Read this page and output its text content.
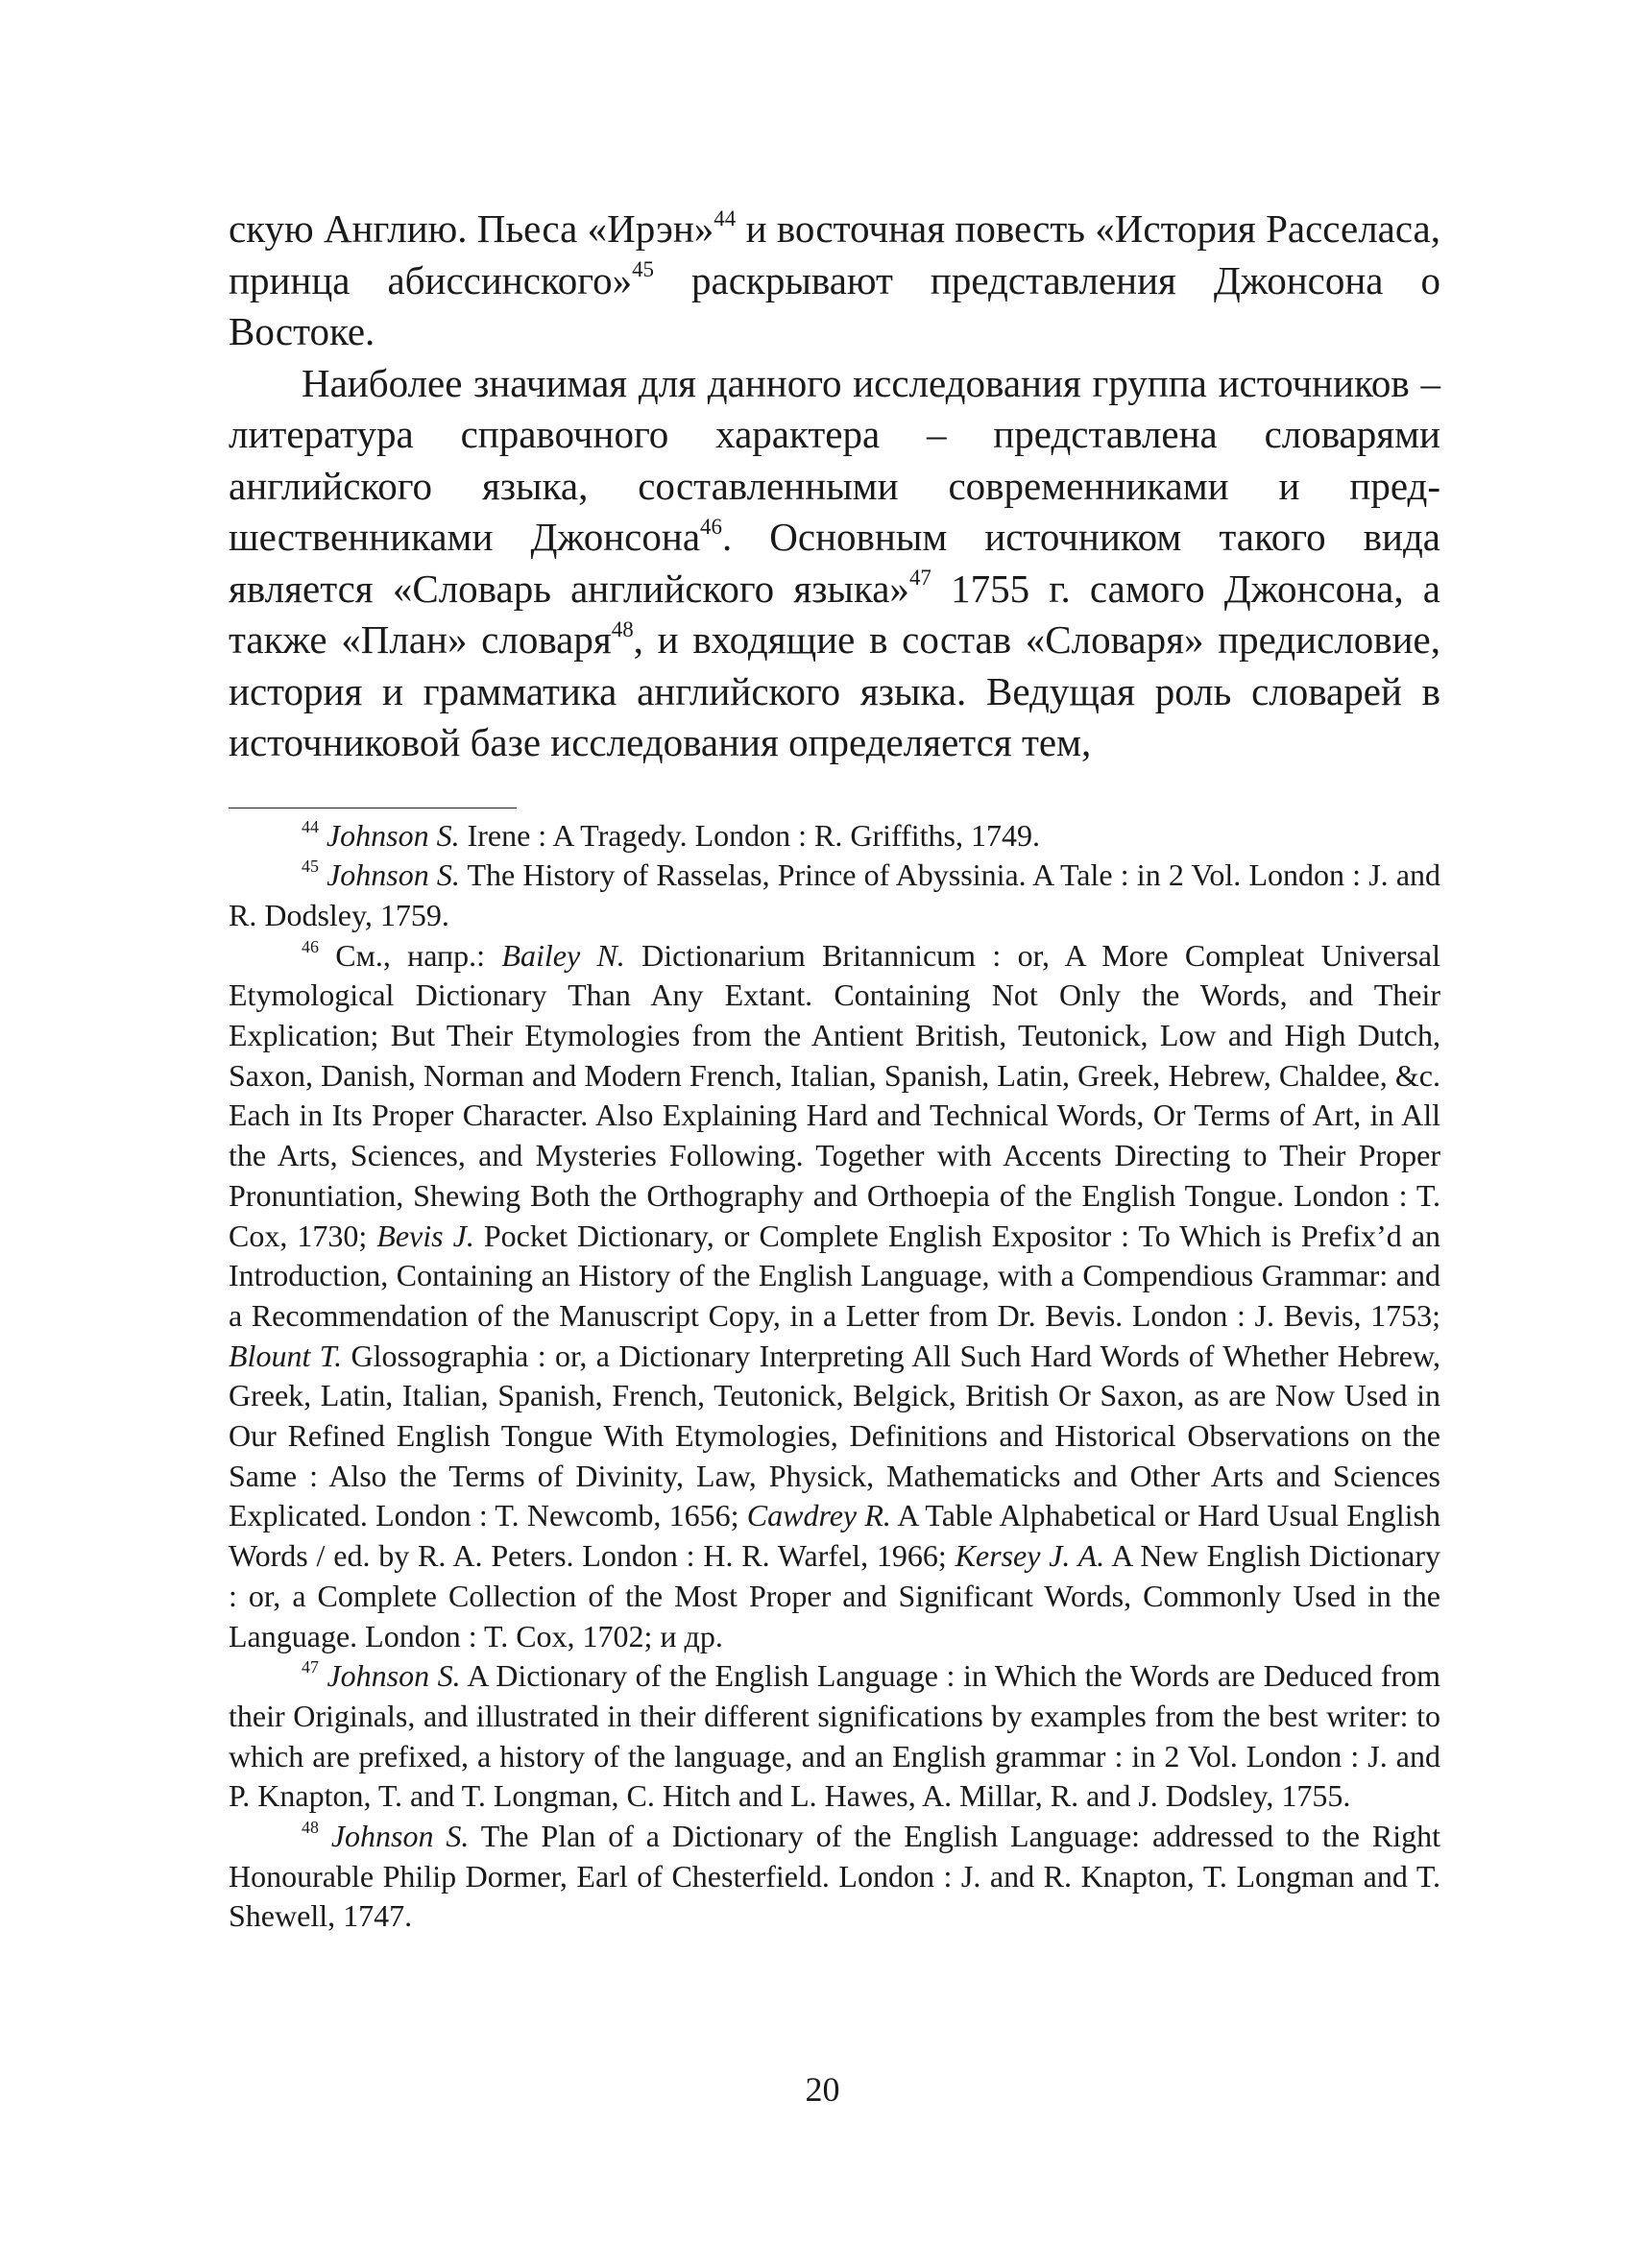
скую Англию. Пьеса «Ирэн»$^{44}$ и восточная повесть «История Расселаса, принца абиссинского»$^{45}$ раскрывают представления Джонсона о Востоке.

Наиболее значимая для данного исследования группа источников – литература справочного характера – представлена словарями английского языка, составленными современниками и предшественниками Джонсона$^{46}$. Основным источником такого вида является «Словарь английского языка»$^{47}$ 1755 г. самого Джонсона, а также «План» словаря$^{48}$, и входящие в состав «Словаря» предисловие, история и грамматика английского языка. Ведущая роль словарей в источниковой базе исследования определяется тем,

$^{44}$ Johnson S. Irene : A Tragedy. London : R. Griffiths, 1749.

$^{45}$ Johnson S. The History of Rasselas, Prince of Abyssinia. A Tale : in 2 Vol. London : J. and R. Dodsley, 1759.

$^{46}$ См., напр.: Bailey N. Dictionarium Britannicum : or, A More Compleat Universal Etymological Dictionary Than Any Extant. Containing Not Only the Words, and Their Explication; But Their Etymologies from the Antient British, Teutonick, Low and High Dutch, Saxon, Danish, Norman and Modern French, Italian, Spanish, Latin, Greek, Hebrew, Chaldee, &c. Each in Its Proper Character. Also Explaining Hard and Technical Words, Or Terms of Art, in All the Arts, Sciences, and Mysteries Following. Together with Accents Directing to Their Proper Pronuntiation, Shewing Both the Orthography and Orthoepia of the English Tongue. London : T. Cox, 1730; Bevis J. Pocket Dictionary, or Complete English Expositor : To Which is Prefix’d an Introduction, Containing an History of the English Language, with a Compendious Grammar: and a Recommendation of the Manuscript Copy, in a Letter from Dr. Bevis. London : J. Bevis, 1753; Blount T. Glossographia : or, a Dictionary Interpreting All Such Hard Words of Whether Hebrew, Greek, Latin, Italian, Spanish, French, Teutonick, Belgick, British Or Saxon, as are Now Used in Our Refined English Tongue With Etymologies, Definitions and Historical Observations on the Same : Also the Terms of Divinity, Law, Physick, Mathematicks and Other Arts and Sciences Explicated. London : T. Newcomb, 1656; Cawdrey R. A Table Alphabetical or Hard Usual English Words / ed. by R. A. Peters. London : H. R. Warfel, 1966; Kersey J. A. A New English Dictionary : or, a Complete Collection of the Most Proper and Significant Words, Commonly Used in the Language. London : T. Cox, 1702; и др.

$^{47}$ Johnson S. A Dictionary of the English Language : in Which the Words are Deduced from their Originals, and illustrated in their different significations by examples from the best writer: to which are prefixed, a history of the language, and an English grammar : in 2 Vol. London : J. and P. Knapton, T. and T. Longman, C. Hitch and L. Hawes, A. Millar, R. and J. Dodsley, 1755.

$^{48}$ Johnson S. The Plan of a Dictionary of the English Language: addressed to the Right Honourable Philip Dormer, Earl of Chesterfield. London : J. and R. Knapton, T. Longman and T. Shewell, 1747.

20
